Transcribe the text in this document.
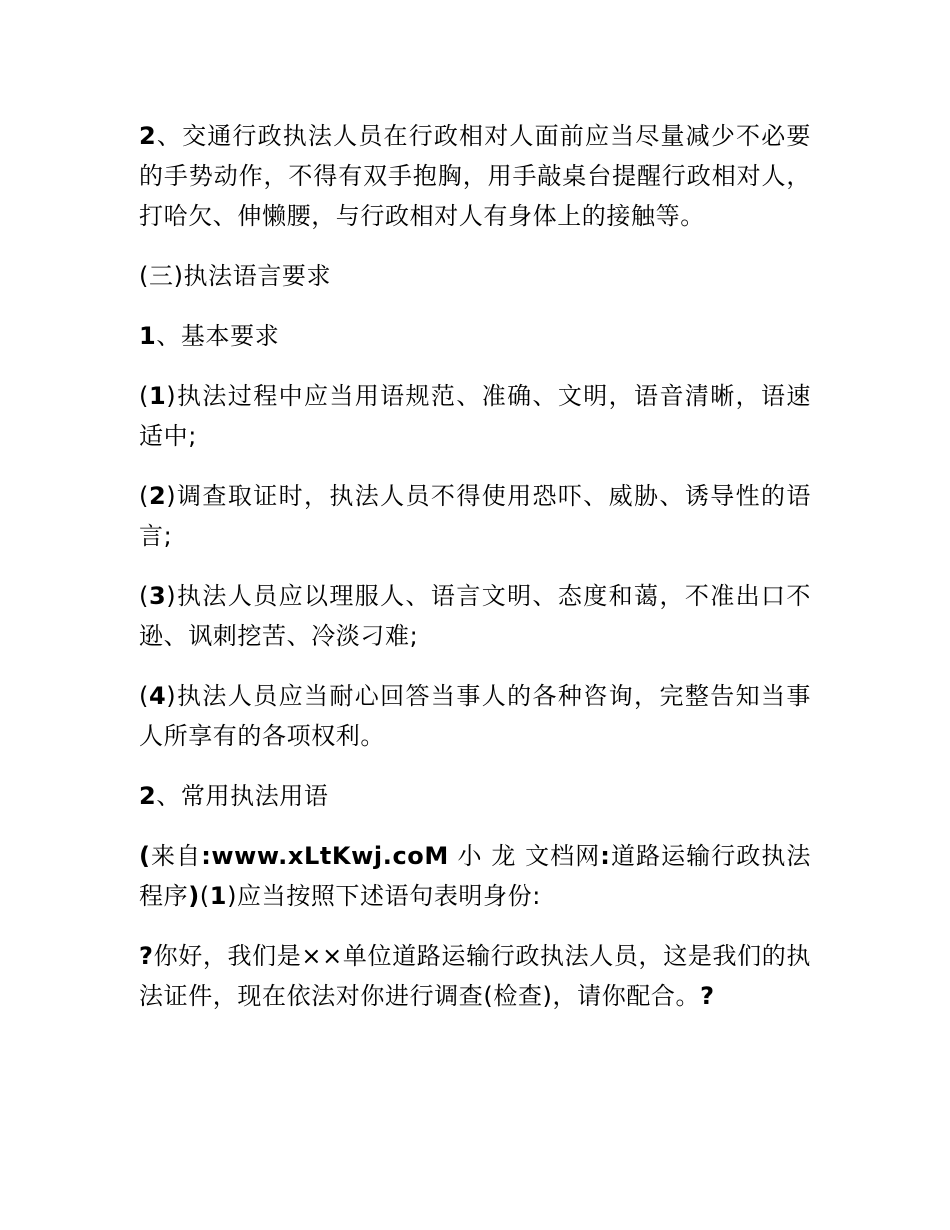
2、交通行政执法人员在行政相对人面前应当尽量减少不必要的手势动作，不得有双手抱胸，用手敲桌台提醒行政相对人，打哈欠、伸懒腰，与行政相对人有身体上的接触等。

(三)执法语言要求

1、基本要求

(1)执法过程中应当用语规范、准确、文明，语音清晰，语速适中;

(2)调查取证时，执法人员不得使用恐吓、威胁、诱导性的语言;

(3)执法人员应以理服人、语言文明、态度和蔼，不准出口不逊、讽刺挖苦、冷淡刁难;

(4)执法人员应当耐心回答当事人的各种咨询，完整告知当事人所享有的各项权利。

2、常用执法用语

(来自:www.xLtKwj.coM 小 龙 文档网:道路运输行政执法程序)(1)应当按照下述语句表明身份:

?你好，我们是××单位道路运输行政执法人员，这是我们的执法证件，现在依法对你进行调查(检查)，请你配合。?
